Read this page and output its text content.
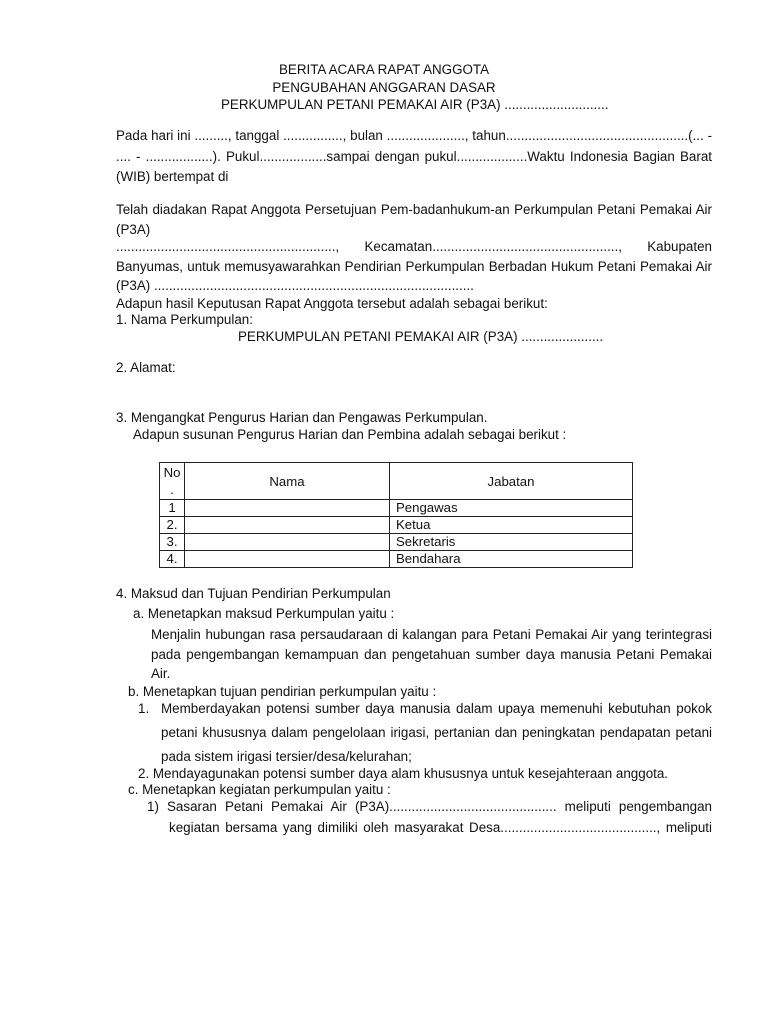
BERITA ACARA RAPAT ANGGOTA
PENGUBAHAN ANGGARAN DASAR
PERKUMPULAN PETANI PEMAKAI AIR (P3A) ............................
Pada hari ini ........., tanggal ................, bulan ....................., tahun.................................................(... -
.... - ..................). Pukul..................sampai dengan pukul...................Waktu Indonesia Bagian Barat
(WIB) bertempat di
Telah diadakan Rapat Anggota Persetujuan Pem-badanhukum-an Perkumpulan Petani Pemakai Air
(P3A)
..........................................................., Kecamatan.................................................., Kabupaten
Banyumas, untuk memusyawarahkan Pendirian Perkumpulan Berbadan Hukum Petani Pemakai Air
(P3A) ......................................................................................
Adapun hasil Keputusan Rapat Anggota tersebut adalah sebagai berikut:
1. Nama Perkumpulan:
PERKUMPULAN PETANI PEMAKAI AIR (P3A) ......................
2. Alamat:
3. Mengangkat Pengurus Harian dan Pengawas Perkumpulan.
Adapun susunan Pengurus Harian dan Pembina adalah sebagai berikut :
No
.	Nama	Jabatan
1		Pengawas
2.		Ketua
3.		Sekretaris
4.		Bendahara
4. Maksud dan Tujuan Pendirian Perkumpulan
a. Menetapkan maksud Perkumpulan yaitu :
Menjalin hubungan rasa persaudaraan di kalangan para Petani Pemakai Air yang terintegrasi
pada pengembangan kemampuan dan pengetahuan sumber daya manusia Petani Pemakai
Air.
b. Menetapkan tujuan pendirian perkumpulan yaitu :
1. Memberdayakan potensi sumber daya manusia dalam upaya memenuhi kebutuhan pokok
petani khususnya dalam pengelolaan irigasi, pertanian dan peningkatan pendapatan petani
pada sistem irigasi tersier/desa/kelurahan;
2. Mendayagunakan potensi sumber daya alam khususnya untuk kesejahteraan anggota.
c. Menetapkan kegiatan perkumpulan yaitu :
1) Sasaran Petani Pemakai Air (P3A)............................................. meliputi pengembangan
kegiatan bersama yang dimiliki oleh masyarakat Desa.........................................., meliputi
